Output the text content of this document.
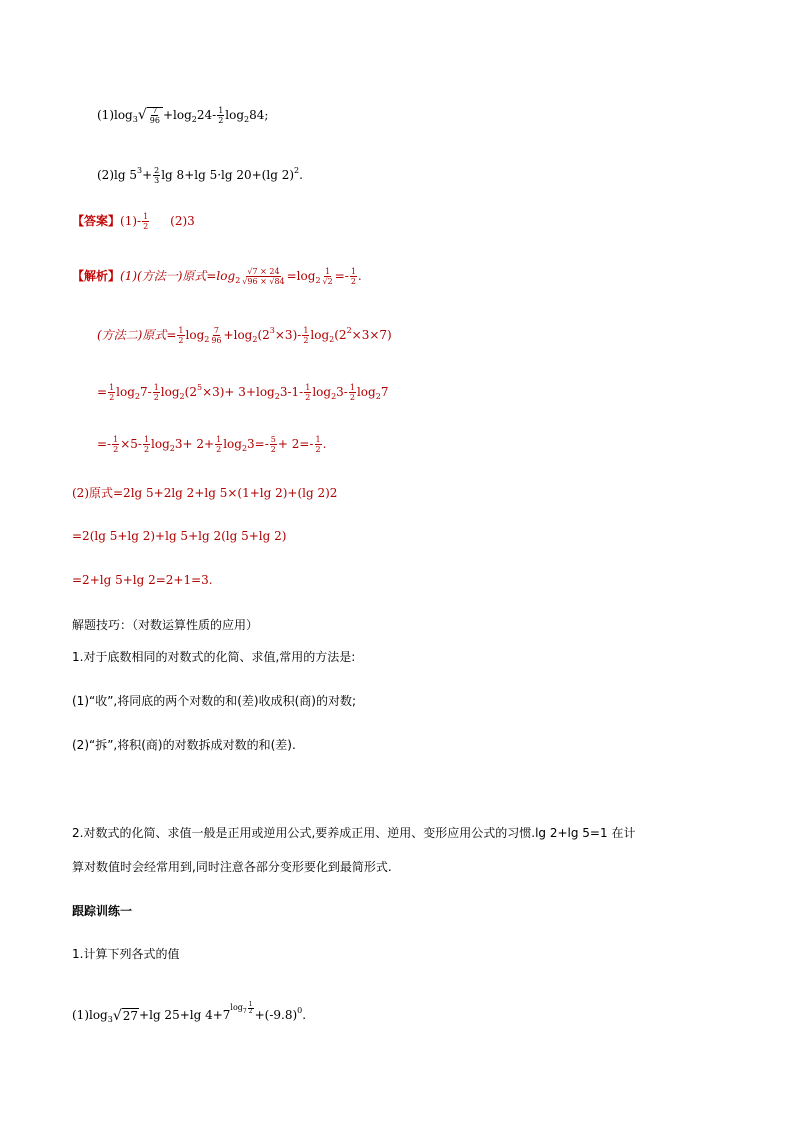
$(1)\log_3√ \frac{7}{96} +\log_224- \frac{1}{2} \log_284$;
(2)lg $5^3+ \frac{2}{3}$ lg 8+lg 5·lg 20+(lg 2)$^2$.
【答案】$(1)- \frac{1}{2} (2)3$
【解析】(1)(方法一)原式$=\log_2 \frac{√7 \times 24}{√96 \times √84} =\log_2 \frac{1}{√2} =- \frac{1}{2}$ .
(方法二)原式= $\frac{1}{2} \log_2 \frac{7}{96} +\log_2(2^3\times 3)- \frac{1}{2} \log_2(2^2\times 3\times 7)$
= $\frac{1}{2} \log_27- \frac{1}{2} \log_2(2^5\times 3)+ 3+\log_23-1- \frac{1}{2} \log_23- \frac{1}{2} \log_27$
=- $\frac{1}{2} \times 5- \frac{1}{2} \log_23+ 2+ \frac{1}{2} \log_23=- \frac{5}{2} + 2=- \frac{1}{2}$ .
(2)原式=2lg 5+2lg 2+lg 5×(1+lg 2)+(lg 2)2
=2(lg 5+lg 2)+lg 5+lg 2(lg 5+lg 2)
=2+lg 5+lg 2=2+1=3.
解题技巧：（对数运算性质的应用）
1.对于底数相同的对数式的化简、求值,常用的方法是:
(1)“收”,将同底的两个对数的和(差)收成积(商)的对数;
(2)“拆”,将积(商)的对数拆成对数的和(差).
2.对数式的化简、求值一般是正用或逆用公式,要养成正用、逆用、变形应用公式的习惯.lg 2+lg 5=1 在计
算对数值时会经常用到,同时注意各部分变形要化到最简形式.
跟踪训练一
1.计算下列各式的值
$(1)\log_3√27+\lg$ 25+lg $4+7^{log_7 \frac{1}{2}} +(-9.8)^0$.
